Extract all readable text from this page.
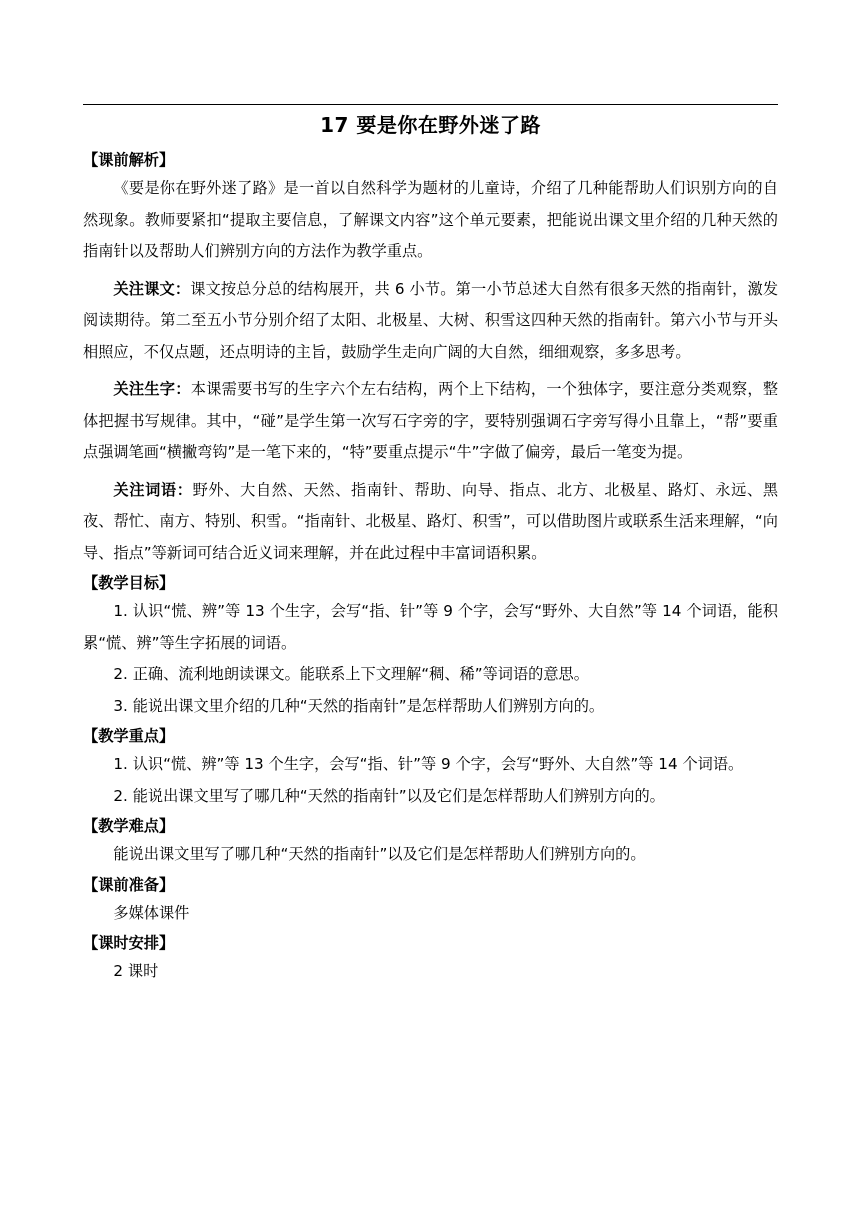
17 要是你在野外迷了路
【课前解析】

《要是你在野外迷了路》是一首以自然科学为题材的儿童诗，介绍了几种能帮助人们识别方向的自然现象。教师要紧扣“提取主要信息，了解课文内容”这个单元要素，把能说出课文里介绍的几种天然的指南针以及帮助人们辨别方向的方法作为教学重点。

关注课文：课文按总分总的结构展开，共 6 小节。第一小节总述大自然有很多天然的指南针，激发阅读期待。第二至五小节分别介绍了太阳、北极星、大树、积雪这四种天然的指南针。第六小节与开头相照应，不仅点题，还点明诗的主旨，鼓励学生走向广阔的大自然，细细观察，多多思考。

关注生字：本课需要书写的生字六个左右结构，两个上下结构，一个独体字，要注意分类观察，整体把握书写规律。其中，“碰”是学生第一次写石字旁的字，要特别强调石字旁写得小且靠上，“帮”要重点强调笔画“横撇弯钩”是一笔下来的，“特”要重点提示“牛”字做了偏旁，最后一笔变为提。

关注词语：野外、大自然、天然、指南针、帮助、向导、指点、北方、北极星、路灯、永远、黑夜、帮忙、南方、特别、积雪。“指南针、北极星、路灯、积雪”，可以借助图片或联系生活来理解，“向导、指点”等新词可结合近义词来理解，并在此过程中丰富词语积累。

【教学目标】

1. 认识“慌、辨”等 13 个生字，会写“指、针”等 9 个字，会写“野外、大自然”等 14 个词语，能积累“慌、辨”等生字拓展的词语。

2. 正确、流利地朗读课文。能联系上下文理解“稠、稀”等词语的意思。

3. 能说出课文里介绍的几种“天然的指南针”是怎样帮助人们辨别方向的。

【教学重点】

1. 认识“慌、辨”等 13 个生字，会写“指、针”等 9 个字，会写“野外、大自然”等 14 个词语。

2. 能说出课文里写了哪几种“天然的指南针”以及它们是怎样帮助人们辨别方向的。

【教学难点】

能说出课文里写了哪几种“天然的指南针”以及它们是怎样帮助人们辨别方向的。

【课前准备】

多媒体课件

【课时安排】

2 课时
